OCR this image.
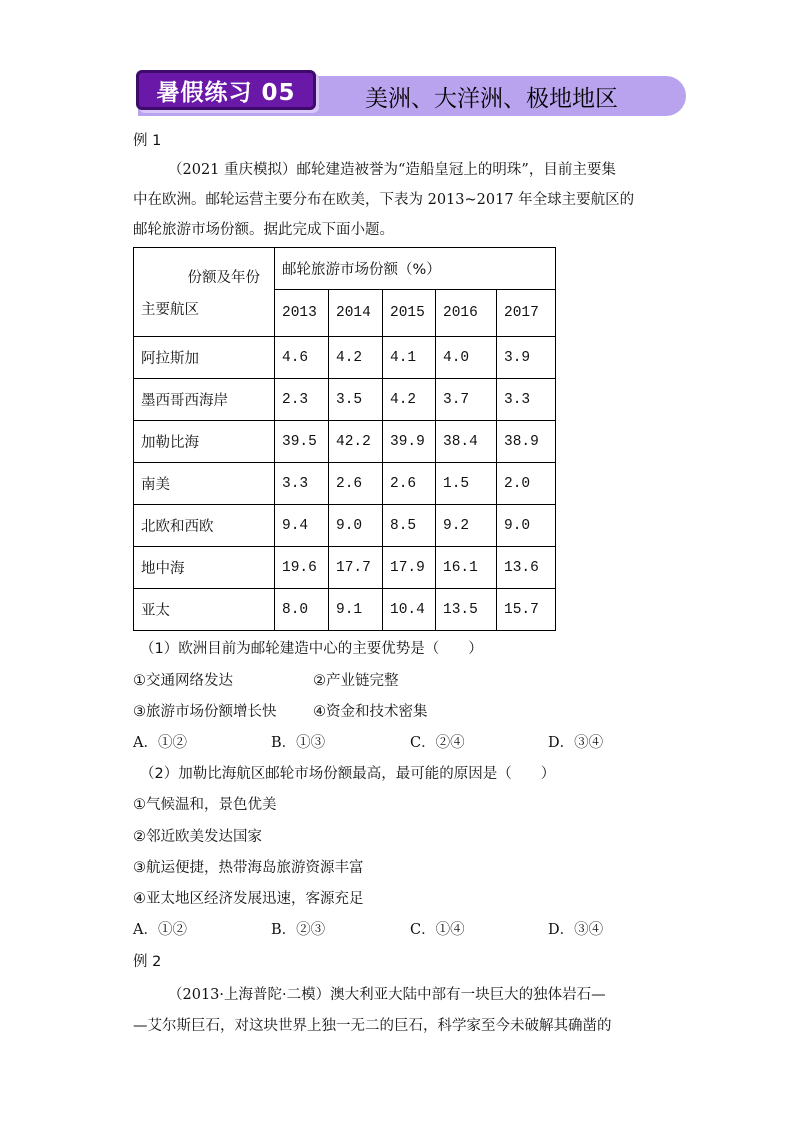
暑假练习 05	美洲、大洋洲、极地地区
例 1
（2021 重庆模拟）邮轮建造被誉为“造船皇冠上的明珠”，目前主要集
中在欧洲。邮轮运营主要分布在欧美，下表为 2013~2017 年全球主要航区的
邮轮旅游市场份额。据此完成下面小题。
份额及年份
主要航区	邮轮旅游市场份额（%）				
	2013	2014	2015	2016	2017
阿拉斯加	4.6	4.2	4.1	4.0	3.9
墨西哥西海岸	2.3	3.5	4.2	3.7	3.3
加勒比海	39.5	42.2	39.9	38.4	38.9
南美	3.3	2.6	2.6	1.5	2.0
北欧和西欧	9.4	9.0	8.5	9.2	9.0
地中海	19.6	17.7	17.9	16.1	13.6
亚太	8.0	9.1	10.4	13.5	15.7
（1）欧洲目前为邮轮建造中心的主要优势是（　　）
①交通网络发达	②产业链完整
③旅游市场份额增长快	④资金和技术密集
A．①②	B．①③	C．②④	D．③④
（2）加勒比海航区邮轮市场份额最高，最可能的原因是（　　）
①气候温和，景色优美
②邻近欧美发达国家
③航运便捷，热带海岛旅游资源丰富
④亚太地区经济发展迅速，客源充足
A．①②	B．②③	C．①④	D．③④
例 2
（2013·上海普陀·二模）澳大利亚大陆中部有一块巨大的独体岩石—
—艾尔斯巨石，对这块世界上独一无二的巨石，科学家至今未破解其确凿的
